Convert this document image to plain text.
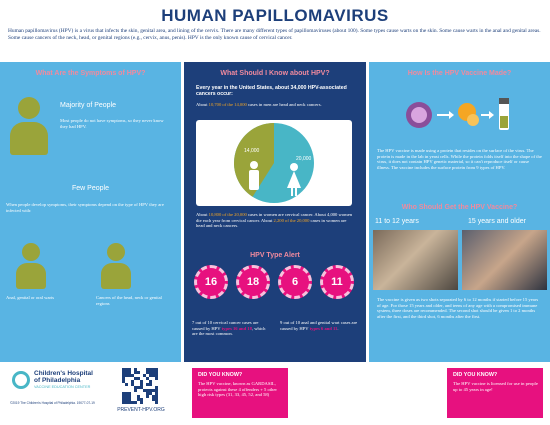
HUMAN PAPILLOMAVIRUS
Human papillomavirus (HPV) is a virus that infects the skin, genital area, and lining of the cervix. There are many different types of papillomaviruses (about 100). Some types cause warts on the skin. Some cause warts in the anal and genital areas. Some cause cancers of the neck, head, or genital regions (e.g., cervix, anus, penis). HPV is the only known cause of cervical cancer.
What Are the Symptoms of HPV?
Majority of People
Most people do not have symptoms, so they never know they had HPV.
Few People
When people develop symptoms, their symptoms depend on the type of HPV they are infected with:
Anal, genital or oral warts	Cancers of the head, neck or genital regions
What Should I Know about HPV?
Every year in the United States, about 34,000 HPV-associated cancers occur:
About 10,700 of the 14,000 cases in men are head and neck cancers.
14,000
20,000
About 10,800 of the 20,000 cases in women are cervical cancer. About 4,000 women die each year from cervical cancer. About 2,200 of the 20,000 cases in women are head and neck cancers.
HPV Type Alert
16	18	6	11
7 out of 10 cervical cancer cases are caused by HPV types 16 and 18, which are the most common.
9 out of 10 anal and genital wart cases are caused by HPV types 6 and 11.
How Is the HPV Vaccine Made?
The HPV vaccine is made using a protein that resides on the surface of the virus. The protein is made in the lab in yeast cells. While the protein folds itself into the shape of the virus, it does not contain HPV genetic material, so it can't reproduce itself or cause illness. The vaccine includes the surface protein from 9 types of HPV.
Who Should Get the HPV Vaccine?
11 to 12 years	15 years and older
The vaccine is given as two shots separated by 6 to 12 months if started before 15 years of age. For those 15 years and older, and teens of any age with a compromised immune system, three doses are recommended. The second shot should be given 1 to 2 months after the first, and the third shot, 6 months after the first.
DID YOU KNOW?
The HPV vaccine, known as GARDASIL, protects against these 4 offenders + 5 other high risk types (31, 33, 45, 52, and 58)
DID YOU KNOW?
The HPV vaccine is licensed for use in people up to 45 years in age!
Children's Hospital
of Philadelphia
VACCINE EDUCATION CENTER
©2019 The Children's Hospital of Philadelphia. 19077-07-19
PREVENT-HPV.ORG
